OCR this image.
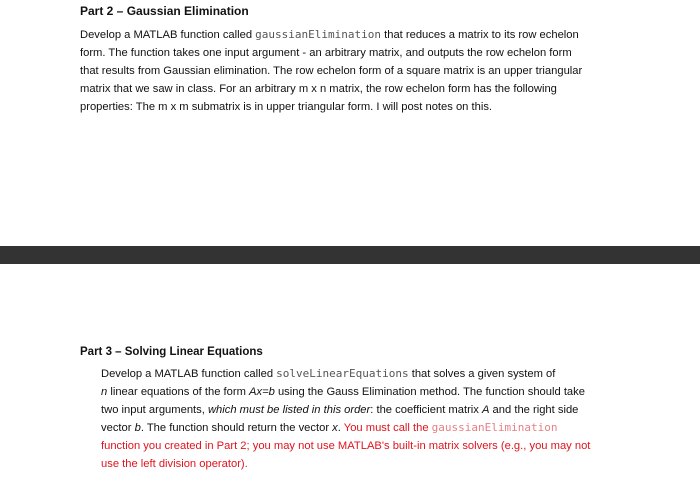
Part 2 – Gaussian Elimination
Develop a MATLAB function called gaussianElimination that reduces a matrix to its row echelon
form. The function takes one input argument - an arbitrary matrix, and outputs the row echelon form
that results from Gaussian elimination. The row echelon form of a square matrix is an upper triangular
matrix that we saw in class. For an arbitrary m x n matrix, the row echelon form has the following
properties: The m x m submatrix is in upper triangular form. I will post notes on this.
Part 3 – Solving Linear Equations
Develop a MATLAB function called solveLinearEquations that solves a given system of
n linear equations of the form Ax=b using the Gauss Elimination method. The function should take
two input arguments, which must be listed in this order: the coefficient matrix A and the right side
vector b. The function should return the vector x. You must call the gaussianElimination
function you created in Part 2; you may not use MATLAB's built-in matrix solvers (e.g., you may not
use the left division operator).
